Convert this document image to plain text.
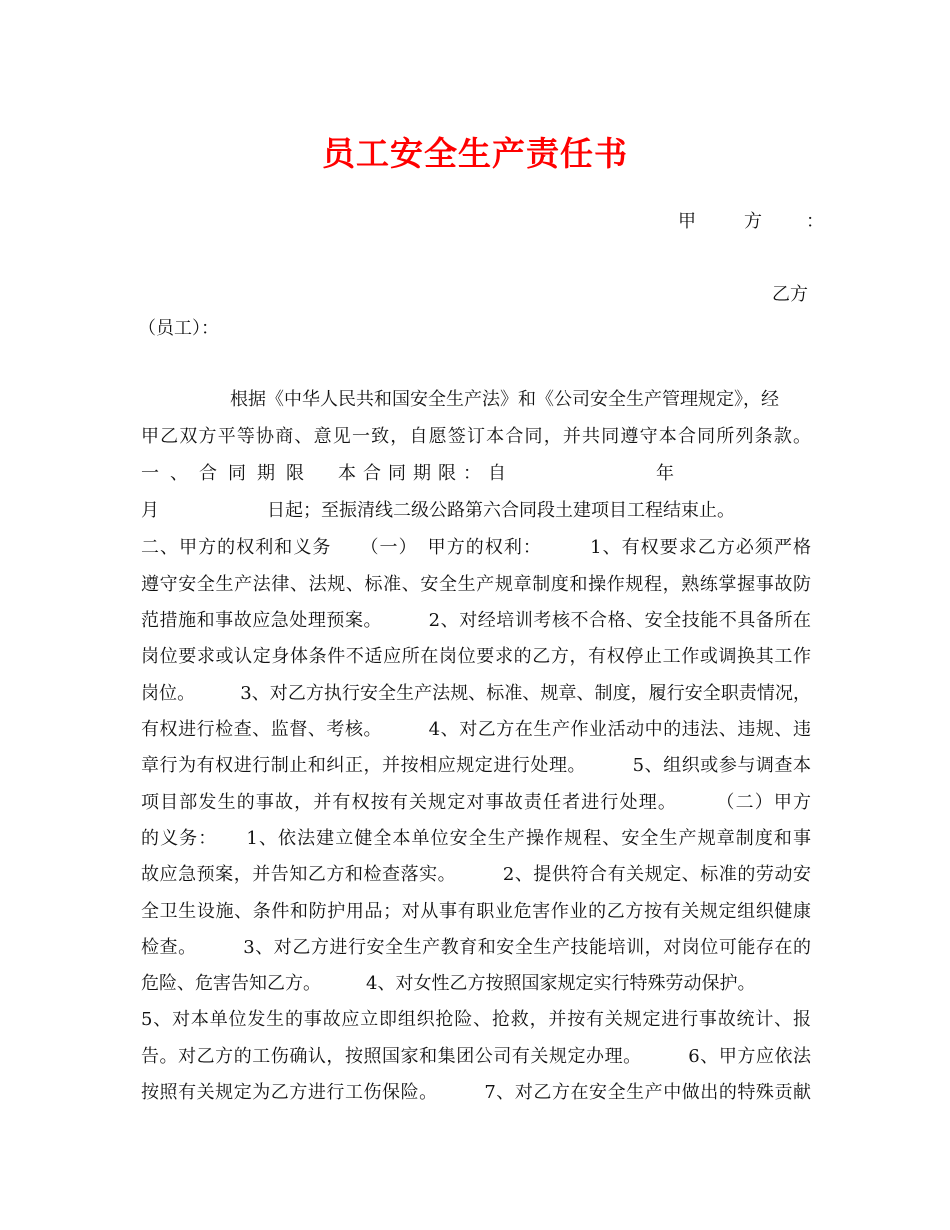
员工安全生产责任书
甲	方 ：
乙方
（员工）：

根据《中华人民共和国安全生产法》和《公司安全生产管理规定》，经

甲乙双方平等协商、意见一致，自愿签订本合同，并共同遵守本合同所列条款。

一、合同期限 本合同期限：自	年

月　　　　　　日起；至振清线二级公路第六合同段土建项目工程结束止。

二、甲方的权利和义务　　（一）　甲方的权利：　　　1、有权要求乙方必须严格

遵守安全生产法律、法规、标准、安全生产规章制度和操作规程，熟练掌握事故防

范措施和事故应急处理预案。　　　2、对经培训考核不合格、安全技能不具备所在

岗位要求或认定身体条件不适应所在岗位要求的乙方，有权停止工作或调换其工作

岗位。　　　3、对乙方执行安全生产法规、标准、规章、制度，履行安全职责情况，

有权进行检查、监督、考核。　　　4、对乙方在生产作业活动中的违法、违规、违

章行为有权进行制止和纠正，并按相应规定进行处理。　　　5、组织或参与调查本

项目部发生的事故，并有权按有关规定对事故责任者进行处理。　　　（二）甲方

的义务：　　1、依法建立健全本单位安全生产操作规程、安全生产规章制度和事

故应急预案，并告知乙方和检查落实。　　　2、提供符合有关规定、标准的劳动安

全卫生设施、条件和防护用品；对从事有职业危害作业的乙方按有关规定组织健康

检查。　　　3、对乙方进行安全生产教育和安全生产技能培训，对岗位可能存在的

危险、危害告知乙方。　　　4、对女性乙方按照国家规定实行特殊劳动保护。

5、对本单位发生的事故应立即组织抢险、抢救，并按有关规定进行事故统计、报

告。对乙方的工伤确认，按照国家和集团公司有关规定办理。　　　6、甲方应依法

按照有关规定为乙方进行工伤保险。　　　7、对乙方在安全生产中做出的特殊贡献
